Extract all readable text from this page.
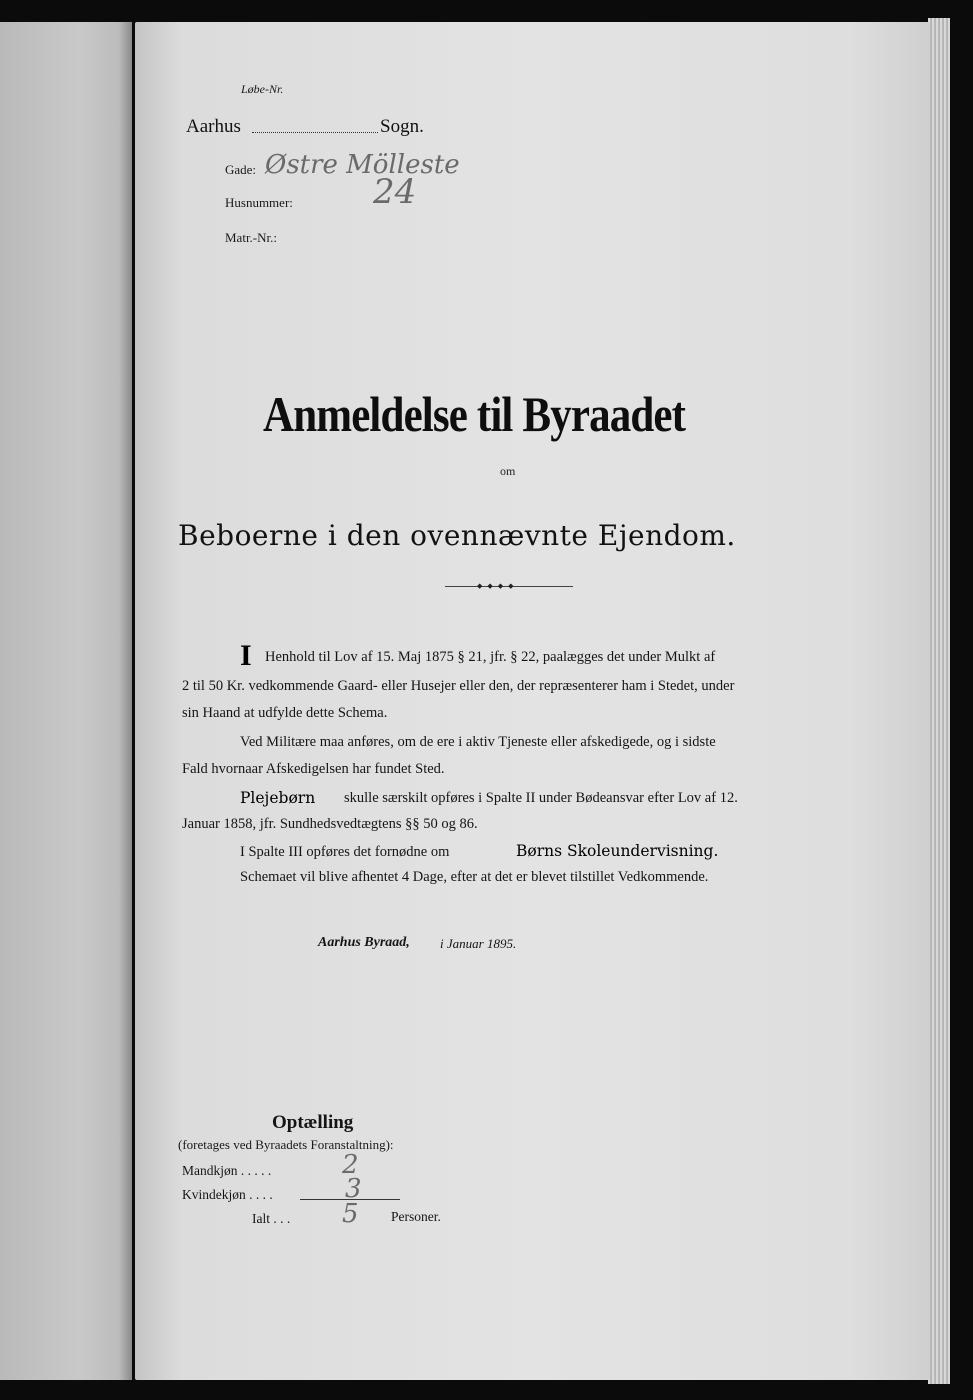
Løbe-Nr.
Aarhus	Sogn.
Gade: Østre Mölleste
Husnummer: 24
Matr.-Nr.:
Anmeldelse til Byraadet
om
Beboerne i den ovennævnte Ejendom.
◆◆◆◆
I Henhold til Lov af 15. Maj 1875 § 21, jfr. § 22, paalægges det under Mulkt af
2 til 50 Kr. vedkommende Gaard- eller Husejer eller den, der repræsenterer ham i Stedet, under
sin Haand at udfylde dette Schema.
Ved Militære maa anføres, om de ere i aktiv Tjeneste eller afskedigede, og i sidste
Fald hvornaar Afskedigelsen har fundet Sted.
Plejebørn skulle særskilt opføres i Spalte II under Bødeansvar efter Lov af 12.
Januar 1858, jfr. Sundhedsvedtægtens §§ 50 og 86.
I Spalte III opføres det fornødne om	Børns Skoleundervisning.
Schemaet vil blive afhentet 4 Dage, efter at det er blevet tilstillet Vedkommende.
Aarhus Byraad, i Januar 1895.
Optælling
(foretages ved Byraadets Foranstaltning):
Mandkjøn . . . . .	2
Kvindekjøn . . . .	3
Ialt . . . 5 Personer.
